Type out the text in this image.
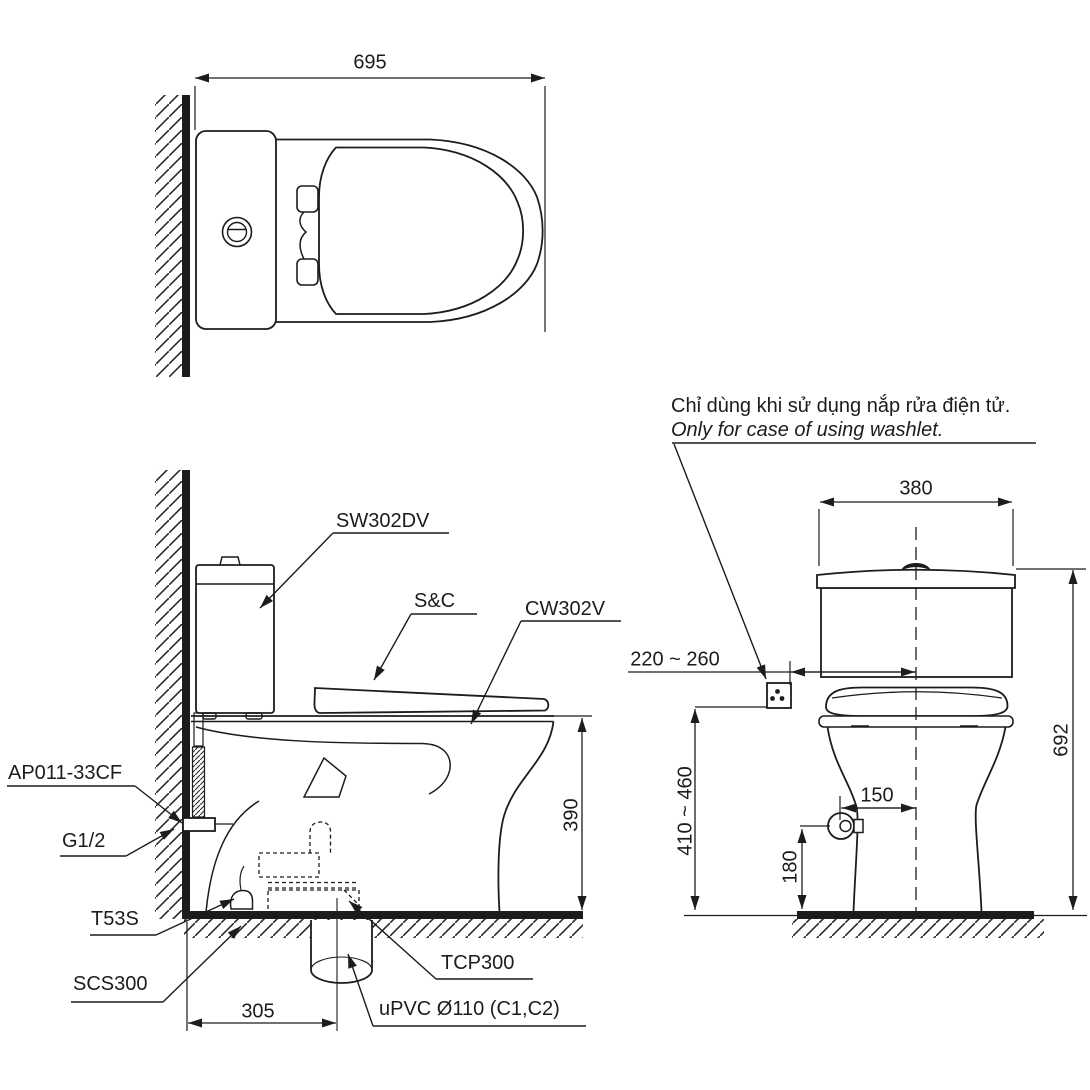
695
Chỉ dùng khi sử dụng nắp rửa điện tử.
Only for case of using washlet.
SW302DV
S&C	CW302V
AP011-33CF
G1/2
T53S
SCS300
TCP300
uPVC Ø110 (C1,C2)
390
305
380
692
220 ~ 260
410 ~ 460	150
180
